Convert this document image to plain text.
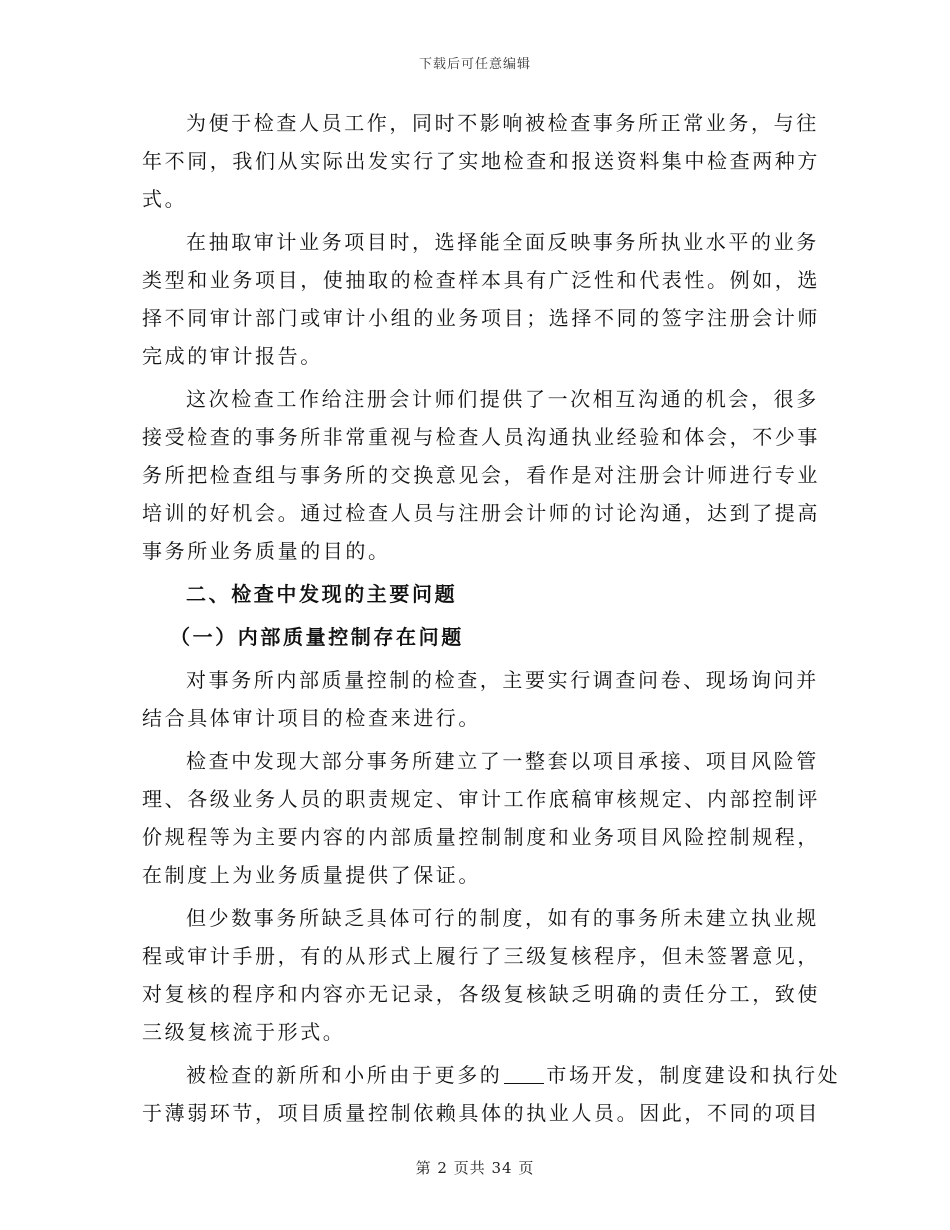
下载后可任意编辑
为便于检查人员工作，同时不影响被检查事务所正常业务，与往
年不同，我们从实际出发实行了实地检查和报送资料集中检查两种方
式。
在抽取审计业务项目时，选择能全面反映事务所执业水平的业务
类型和业务项目，使抽取的检查样本具有广泛性和代表性。例如，选
择不同审计部门或审计小组的业务项目；选择不同的签字注册会计师
完成的审计报告。
这次检查工作给注册会计师们提供了一次相互沟通的机会，很多
接受检查的事务所非常重视与检查人员沟通执业经验和体会，不少事
务所把检查组与事务所的交换意见会，看作是对注册会计师进行专业
培训的好机会。通过检查人员与注册会计师的讨论沟通，达到了提高
事务所业务质量的目的。
二、检查中发现的主要问题
（一）内部质量控制存在问题
对事务所内部质量控制的检查，主要实行调查问卷、现场询问并
结合具体审计项目的检查来进行。
检查中发现大部分事务所建立了一整套以项目承接、项目风险管
理、各级业务人员的职责规定、审计工作底稿审核规定、内部控制评
价规程等为主要内容的内部质量控制制度和业务项目风险控制规程，
在制度上为业务质量提供了保证。
但少数事务所缺乏具体可行的制度，如有的事务所未建立执业规
程或审计手册，有的从形式上履行了三级复核程序，但未签署意见，
对复核的程序和内容亦无记录，各级复核缺乏明确的责任分工，致使
三级复核流于形式。
被检查的新所和小所由于更多的 市场开发，制度建设和执行处
于薄弱环节，项目质量控制依赖具体的执业人员。因此，不同的项目
第 2 页共 34 页
